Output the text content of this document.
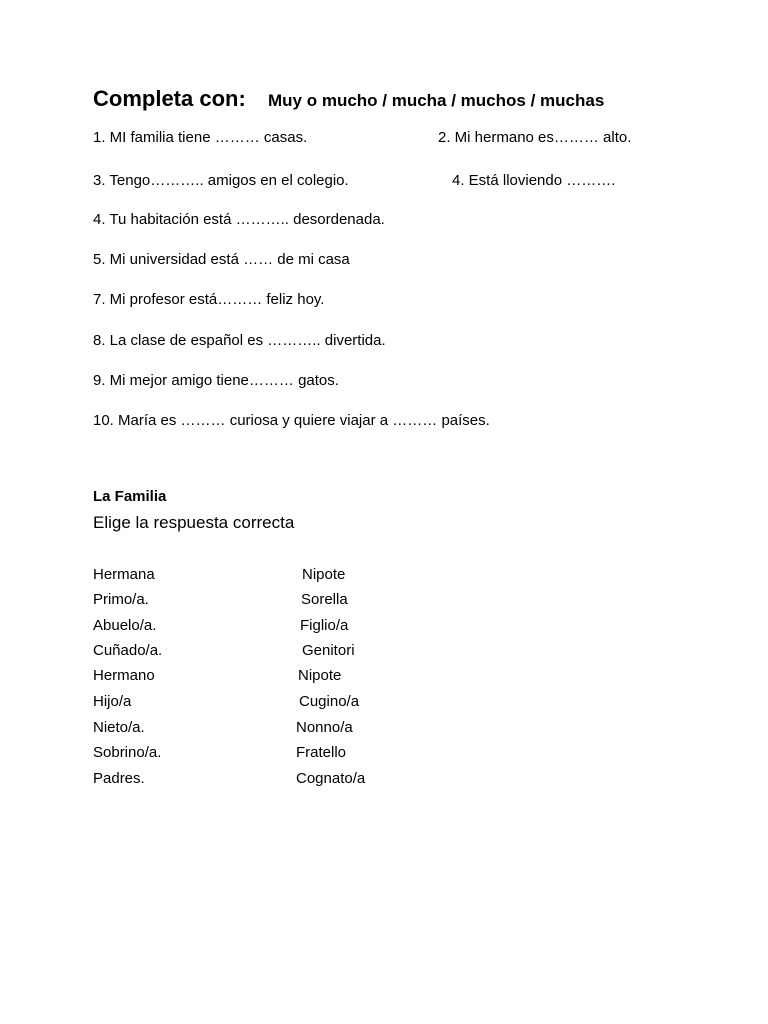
Completa con: Muy o mucho / mucha / muchos / muchas
1. MI familia tiene ……… casas.	2. Mi hermano es……… alto.
3. Tengo……….. amigos en el colegio.	4. Está lloviendo ……….
4. Tu habitación está ……….. desordenada.
5. Mi universidad está …… de mi casa
7. Mi profesor está……… feliz hoy.
8. La clase de español es ……….. divertida.
9. Mi mejor amigo tiene……… gatos.
10. María es ……… curiosa y quiere viajar a ……… países.
La Familia
Elige la respuesta correcta
Hermana
Primo/a.
Abuelo/a.
Cuñado/a.
Hermano
Hijo/a
Nieto/a.
Sobrino/a.
Padres.
Nipote
Sorella
Figlio/a
Genitori
Nipote
Cugino/a
Nonno/a
Fratello
Cognato/a
